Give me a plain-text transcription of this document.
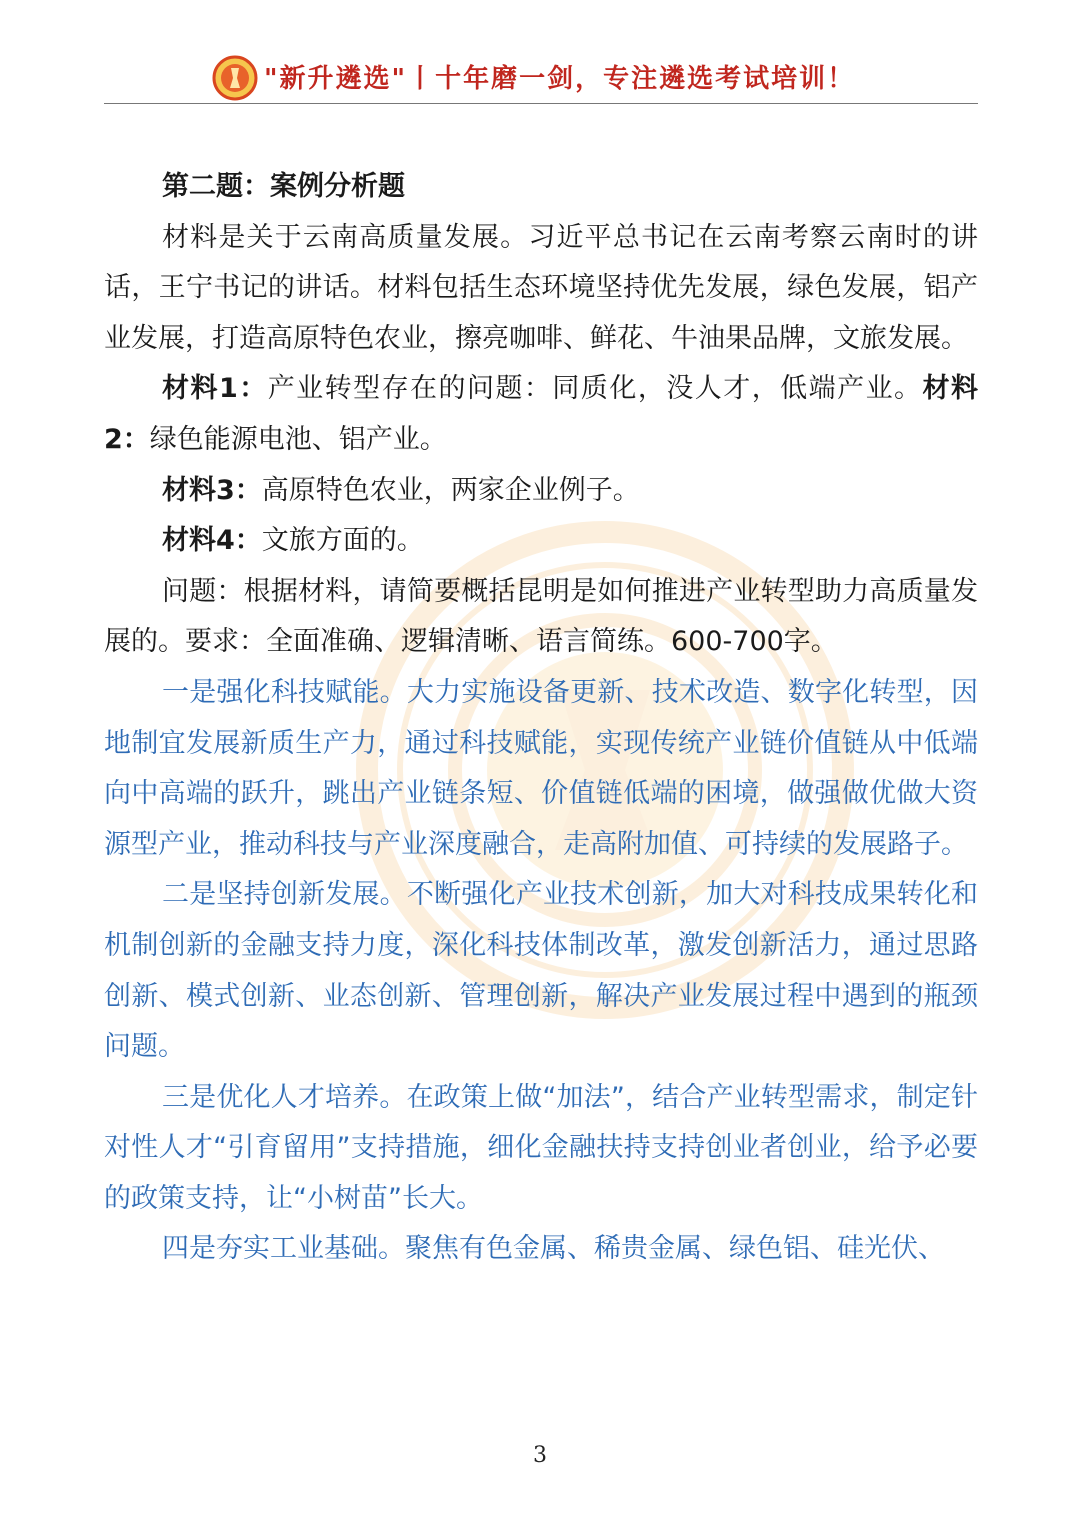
"新升遴选"丨十年磨一剑，专注遴选考试培训！

第二题：案例分析题

材料是关于云南高质量发展。习近平总书记在云南考察云南时的讲话，王宁书记的讲话。材料包括生态环境坚持优先发展，绿色发展，铝产业发展，打造高原特色农业，擦亮咖啡、鲜花、牛油果品牌，文旅发展。

材料1：产业转型存在的问题：同质化，没人才，低端产业。材料2：绿色能源电池、铝产业。

材料3：高原特色农业，两家企业例子。

材料4：文旅方面的。

问题：根据材料，请简要概括昆明是如何推进产业转型助力高质量发展的。要求：全面准确、逻辑清晰、语言简练。600-700字。

一是强化科技赋能。大力实施设备更新、技术改造、数字化转型，因地制宜发展新质生产力，通过科技赋能，实现传统产业链价值链从中低端向中高端的跃升，跳出产业链条短、价值链低端的困境，做强做优做大资源型产业，推动科技与产业深度融合，走高附加值、可持续的发展路子。

二是坚持创新发展。不断强化产业技术创新，加大对科技成果转化和机制创新的金融支持力度，深化科技体制改革，激发创新活力，通过思路创新、模式创新、业态创新、管理创新，解决产业发展过程中遇到的瓶颈问题。

三是优化人才培养。在政策上做“加法”，结合产业转型需求，制定针对性人才“引育留用”支持措施，细化金融扶持支持创业者创业，给予必要的政策支持，让“小树苗”长大。

四是夯实工业基础。聚焦有色金属、稀贵金属、绿色铝、硅光伏、

3
